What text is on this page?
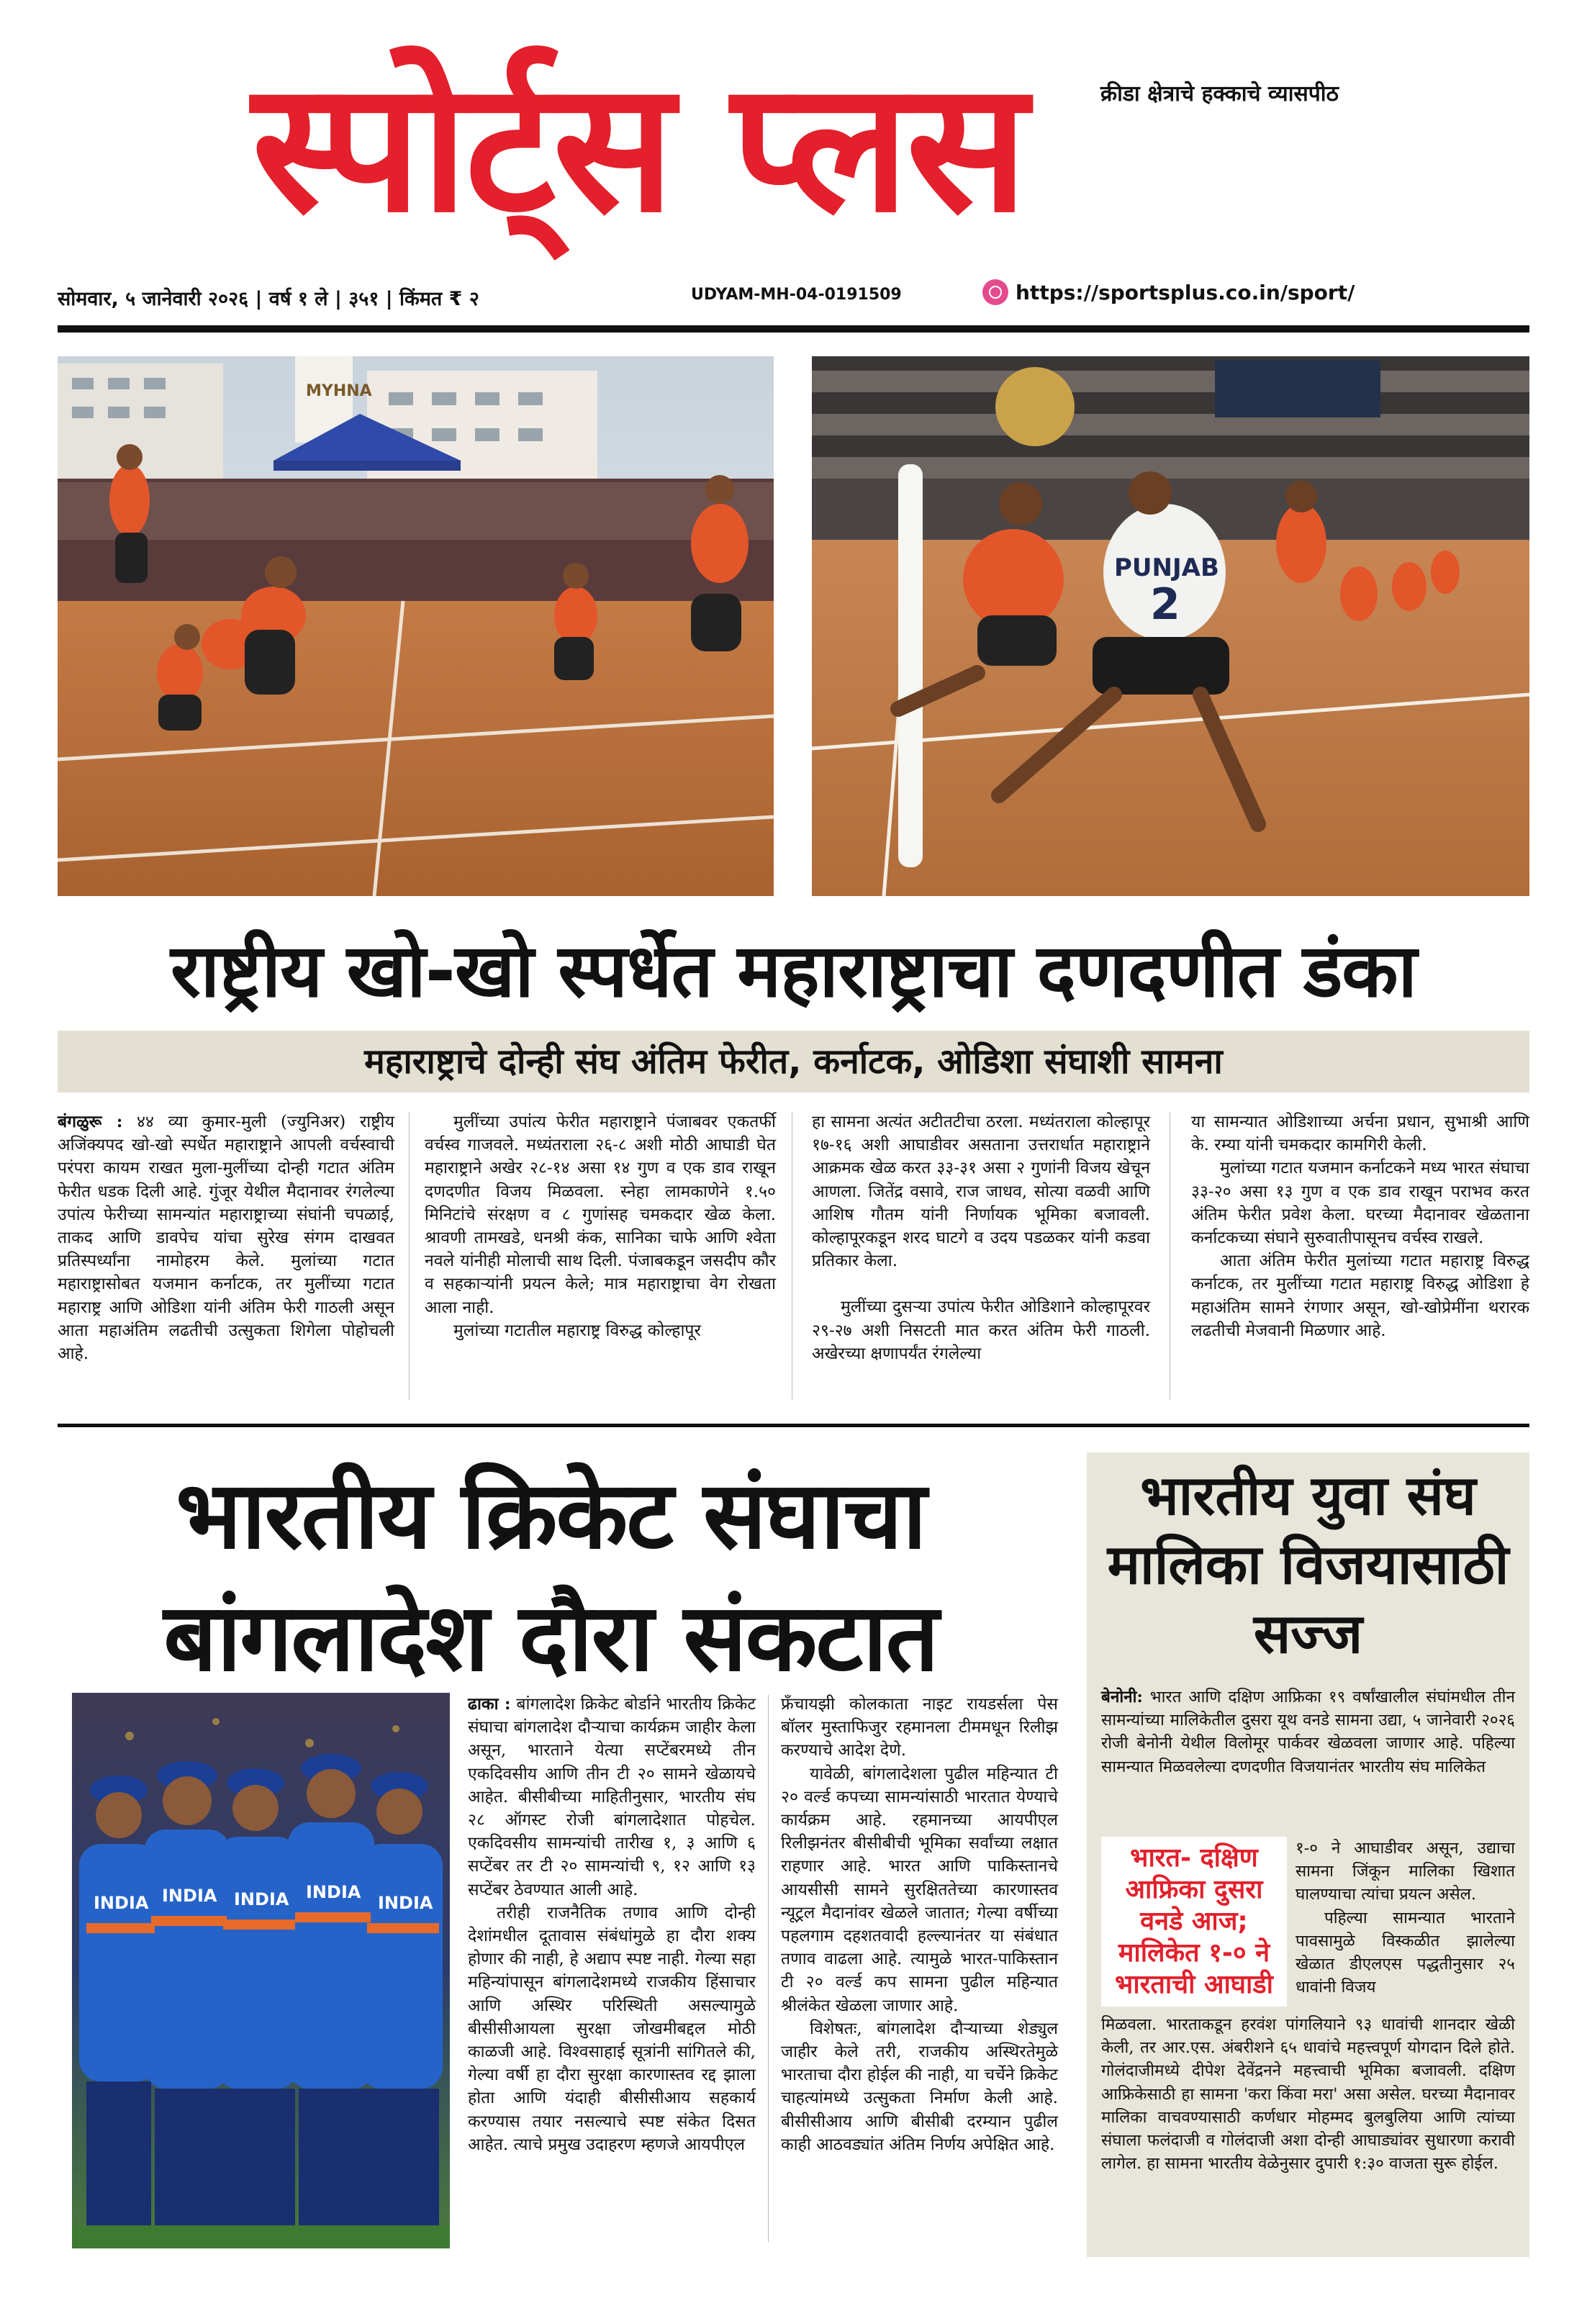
क्रीडा क्षेत्राचे हक्काचे व्यासपीठ
स्पोर्ट्स प्लस
सोमवार, ५ जानेवारी २०२६ | वर्ष १ ले | ३५१ | किंमत ₹ २	UDYAM-MH-04-0191509	https://sportsplus.co.in/sport/
MYHNA
PUNJAB
2
राष्ट्रीय खो-खो स्पर्धेत महाराष्ट्राचा दणदणीत डंका
महाराष्ट्राचे दोन्ही संघ अंतिम फेरीत, कर्नाटक, ओडिशा संघाशी सामना

बंगळुरू : ४४ व्या कुमार-मुली (ज्युनिअर) राष्ट्रीय अजिंक्यपद खो-खो स्पर्धेत महाराष्ट्राने आपली वर्चस्वाची परंपरा कायम राखत मुला-मुलींच्या दोन्ही गटात अंतिम फेरीत धडक दिली आहे. गुंजूर येथील मैदानावर रंगलेल्या उपांत्य फेरीच्या सामन्यांत महाराष्ट्राच्या संघांनी चपळाई, ताकद आणि डावपेच यांचा सुरेख संगम दाखवत प्रतिस्पर्ध्यांना नामोहरम केले. मुलांच्या गटात महाराष्ट्रासोबत यजमान कर्नाटक, तर मुलींच्या गटात महाराष्ट्र आणि ओडिशा यांनी अंतिम फेरी गाठली असून आता महाअंतिम लढतीची उत्सुकता शिगेला पोहोचली आहे.

मुलींच्या उपांत्य फेरीत महाराष्ट्राने पंजाबवर एकतर्फी वर्चस्व गाजवले. मध्यंतराला २६-८ अशी मोठी आघाडी घेत महाराष्ट्राने अखेर २८-१४ असा १४ गुण व एक डाव राखून दणदणीत विजय मिळवला. स्नेहा लामकाणेने १.५० मिनिटांचे संरक्षण व ८ गुणांसह चमकदार खेळ केला. श्रावणी तामखडे, धनश्री कंक, सानिका चाफे आणि श्वेता नवले यांनीही मोलाची साथ दिली. पंजाबकडून जसदीप कौर व सहकाऱ्यांनी प्रयत्न केले; मात्र महाराष्ट्राचा वेग रोखता आला नाही.

मुलांच्या गटातील महाराष्ट्र विरुद्ध कोल्हापूर

हा सामना अत्यंत अटीतटीचा ठरला. मध्यंतराला कोल्हापूर १७-१६ अशी आघाडीवर असताना उत्तरार्धात महाराष्ट्राने आक्रमक खेळ करत ३३-३१ असा २ गुणांनी विजय खेचून आणला. जितेंद्र वसावे, राज जाधव, सोत्या वळवी आणि आशिष गौतम यांनी निर्णायक भूमिका बजावली. कोल्हापूरकडून शरद घाटगे व उदय पडळकर यांनी कडवा प्रतिकार केला.

मुलींच्या दुसऱ्या उपांत्य फेरीत ओडिशाने कोल्हापूरवर २९-२७ अशी निसटती मात करत अंतिम फेरी गाठली. अखेरच्या क्षणापर्यंत रंगलेल्या

या सामन्यात ओडिशाच्या अर्चना प्रधान, सुभाश्री आणि के. रम्या यांनी चमकदार कामगिरी केली.

मुलांच्या गटात यजमान कर्नाटकने मध्य भारत संघाचा ३३-२० असा १३ गुण व एक डाव राखून पराभव करत अंतिम फेरीत प्रवेश केला. घरच्या मैदानावर खेळताना कर्नाटकच्या संघाने सुरुवातीपासूनच वर्चस्व राखले.

आता अंतिम फेरीत मुलांच्या गटात महाराष्ट्र विरुद्ध कर्नाटक, तर मुलींच्या गटात महाराष्ट्र विरुद्ध ओडिशा हे महाअंतिम सामने रंगणार असून, खो-खोप्रेमींना थरारक लढतीची मेजवानी मिळणार आहे.

भारतीय क्रिकेट संघाचा
बांगलादेश दौरा संकटात
INDIA INDIA INDIA INDIA
INDIA

ढाका : बांगलादेश क्रिकेट बोर्डाने भारतीय क्रिकेट संघाचा बांगलादेश दौऱ्याचा कार्यक्रम जाहीर केला असून, भारताने येत्या सप्टेंबरमध्ये तीन एकदिवसीय आणि तीन टी २० सामने खेळायचे आहेत. बीसीबीच्या माहितीनुसार, भारतीय संघ २८ ऑगस्ट रोजी बांगलादेशात पोहचेल. एकदिवसीय सामन्यांची तारीख १, ३ आणि ६ सप्टेंबर तर टी २० सामन्यांची ९, १२ आणि १३ सप्टेंबर ठेवण्यात आली आहे.

तरीही राजनैतिक तणाव आणि दोन्ही देशांमधील दूतावास संबंधांमुळे हा दौरा शक्य होणार की नाही, हे अद्याप स्पष्ट नाही. गेल्या सहा महिन्यांपासून बांगलादेशमध्ये राजकीय हिंसाचार आणि अस्थिर परिस्थिती असल्यामुळे बीसीसीआयला सुरक्षा जोखमीबद्दल मोठी काळजी आहे. विश्वसाहाई सूत्रांनी सांगितले की, गेल्या वर्षी हा दौरा सुरक्षा कारणास्तव रद्द झाला होता आणि यंदाही बीसीसीआय सहकार्य करण्यास तयार नसल्याचे स्पष्ट संकेत दिसत आहेत. त्याचे प्रमुख उदाहरण म्हणजे आयपीएल

फ्रँचायझी कोलकाता नाइट रायडर्सला पेस बॉलर मुस्ताफिजुर रहमानला टीममधून रिलीझ करण्याचे आदेश देणे.

यावेळी, बांगलादेशला पुढील महिन्यात टी २० वर्ल्ड कपच्या सामन्यांसाठी भारतात येण्याचे कार्यक्रम आहे. रहमानच्या आयपीएल रिलीझनंतर बीसीबीची भूमिका सर्वांच्या लक्षात राहणार आहे. भारत आणि पाकिस्तानचे आयसीसी सामने सुरक्षिततेच्या कारणास्तव न्यूट्रल मैदानांवर खेळले जातात; गेल्या वर्षीच्या पहलगाम दहशतवादी हल्ल्यानंतर या संबंधात तणाव वाढला आहे. त्यामुळे भारत-पाकिस्तान टी २० वर्ल्ड कप सामना पुढील महिन्यात श्रीलंकेत खेळला जाणार आहे.

विशेषतः, बांगलादेश दौऱ्याच्या शेड्युल जाहीर केले तरी, राजकीय अस्थिरतेमुळे भारताचा दौरा होईल की नाही, या चर्चेने क्रिकेट चाहत्यांमध्ये उत्सुकता निर्माण केली आहे. बीसीसीआय आणि बीसीबी दरम्यान पुढील काही आठवड्यांत अंतिम निर्णय अपेक्षित आहे.

भारतीय युवा संघ मालिका विजयासाठी सज्ज

बेनोनी: भारत आणि दक्षिण आफ्रिका १९ वर्षांखालील संघांमधील तीन सामन्यांच्या मालिकेतील दुसरा यूथ वनडे सामना उद्या, ५ जानेवारी २०२६ रोजी बेनोनी येथील विलोमूर पार्कवर खेळवला जाणार आहे. पहिल्या सामन्यात मिळवलेल्या दणदणीत विजयानंतर भारतीय संघ मालिकेत

भारत- दक्षिण आफ्रिका दुसरा वनडे आज; मालिकेत १-० ने भारताची आघाडी

१-० ने आघाडीवर असून, उद्याचा सामना जिंकून मालिका खिशात घालण्याचा त्यांचा प्रयत्न असेल.

पहिल्या सामन्यात भारताने पावसामुळे विस्कळीत झालेल्या खेळात डीएलएस पद्धतीनुसार २५ धावांनी विजय

मिळवला. भारताकडून हरवंश पांगलियाने ९३ धावांची शानदार खेळी केली, तर आर.एस. अंबरीशने ६५ धावांचे महत्त्वपूर्ण योगदान दिले होते. गोलंदाजीमध्ये दीपेश देवेंद्रनने महत्त्वाची भूमिका बजावली. दक्षिण आफ्रिकेसाठी हा सामना 'करा किंवा मरा' असा असेल. घरच्या मैदानावर मालिका वाचवण्यासाठी कर्णधार मोहम्मद बुलबुलिया आणि त्यांच्या संघाला फलंदाजी व गोलंदाजी अशा दोन्ही आघाड्यांवर सुधारणा करावी लागेल. हा सामना भारतीय वेळेनुसार दुपारी १:३० वाजता सुरू होईल.
